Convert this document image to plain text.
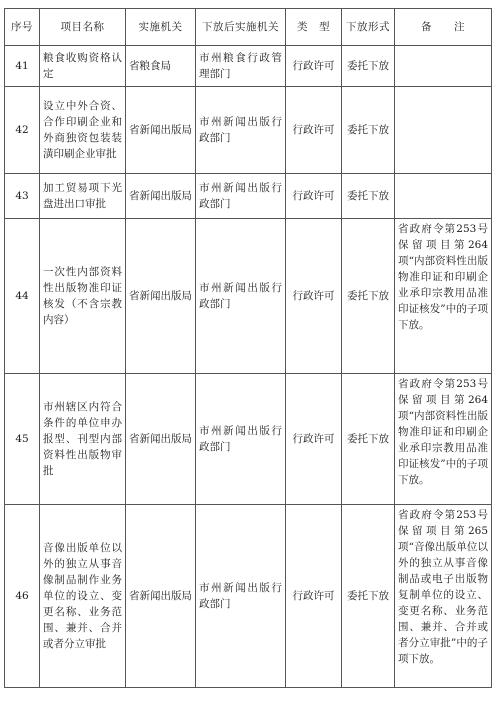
序号	项目名称	实施机关	下放后实施机关	类　型	下放形式	备　　注
41	粮食收购资格认定	省粮食局	市州粮食行政管理部门	行政许可	委托下放	
42	设立中外合资、合作印刷企业和外商独资包装装潢印刷企业审批	省新闻出版局	市州新闻出版行政部门	行政许可	委托下放	
43	加工贸易项下光盘进出口审批	省新闻出版局	市州新闻出版行政部门	行政许可	委托下放	
44	一次性内部资料性出版物准印证核发（不含宗教内容）	省新闻出版局	市州新闻出版行政部门	行政许可	委托下放	省政府令第253号保留项目第264项“内部资料性出版物准印证和印刷企业承印宗教用品准印证核发”中的子项下放。
45	市州辖区内符合条件的单位申办报型、刊型内部资料性出版物审批	省新闻出版局	市州新闻出版行政部门	行政许可	委托下放	省政府令第253号保留项目第264项“内部资料性出版物准印证和印刷企业承印宗教用品准印证核发”中的子项下放。
46	音像出版单位以外的独立从事音像制品制作业务单位的设立、变更名称、业务范围、兼并、合并或者分立审批	省新闻出版局	市州新闻出版行政部门	行政许可	委托下放	省政府令第253号保留项目第265项“音像出版单位以外的独立从事音像制品或电子出版物复制单位的设立、变更名称、业务范围、兼并、合并或者分立审批”中的子项下放。
